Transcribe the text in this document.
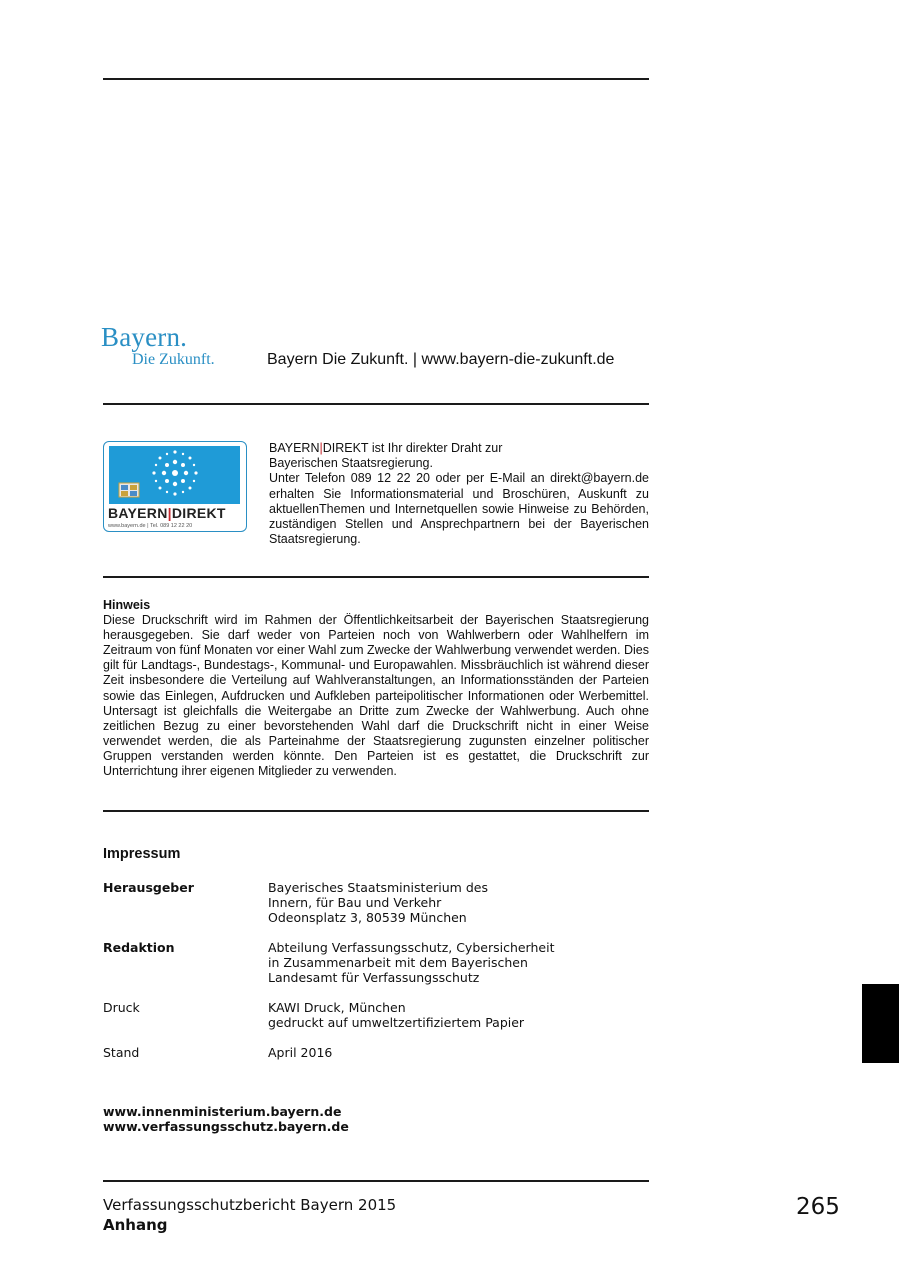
Bayern.
Die Zukunft.	Bayern Die Zukunft. | www.bayern-die-zukunft.de
BAYERN|DIREKT
www.bayern.de | Tel. 089 12 22 20

BAYERN|DIREKT ist Ihr direkter Draht zur

Bayerischen Staatsregierung.

Unter Telefon 089 12 22 20 oder per E-Mail an direkt@bayern.de erhalten Sie Informationsmaterial und Broschüren, Auskunft zu aktuellenThemen und Internetquellen sowie Hinweise zu Behörden, zuständigen Stellen und Ansprechpartnern bei der Bayerischen Staatsregierung.

Hinweis

Diese Druckschrift wird im Rahmen der Öffentlichkeitsarbeit der Bayerischen Staatsregierung herausgegeben. Sie darf weder von Parteien noch von Wahlwerbern oder Wahlhelfern im Zeitraum von fünf Monaten vor einer Wahl zum Zwecke der Wahlwerbung verwendet werden. Dies gilt für Landtags-, Bundestags-, Kommunal- und Europawahlen. Missbräuchlich ist während dieser Zeit insbesondere die Verteilung auf Wahlveranstaltungen, an Informationsständen der Parteien sowie das Einlegen, Aufdrucken und Aufkleben parteipolitischer Informationen oder Werbemittel. Untersagt ist gleichfalls die Weitergabe an Dritte zum Zwecke der Wahlwerbung. Auch ohne zeitlichen Bezug zu einer bevorstehenden Wahl darf die Druckschrift nicht in einer Weise verwendet werden, die als Parteinahme der Staatsregierung zugunsten einzelner politischer Gruppen verstanden werden könnte. Den Parteien ist es gestattet, die Druckschrift zur Unterrichtung ihrer eigenen Mitglieder zu verwenden.

Impressum
Herausgeber	Bayerisches Staatsministerium des
Innern, für Bau und Verkehr
Odeonsplatz 3, 80539 München
Redaktion	Abteilung Verfassungsschutz, Cybersicherheit
in Zusammenarbeit mit dem Bayerischen
Landesamt für Verfassungsschutz
Druck	KAWI Druck, München
gedruckt auf umweltzertifiziertem Papier
Stand	April 2016
www.innenministerium.bayern.de
www.verfassungsschutz.bayern.de
Verfassungsschutzbericht Bayern 2015
Anhang
265
